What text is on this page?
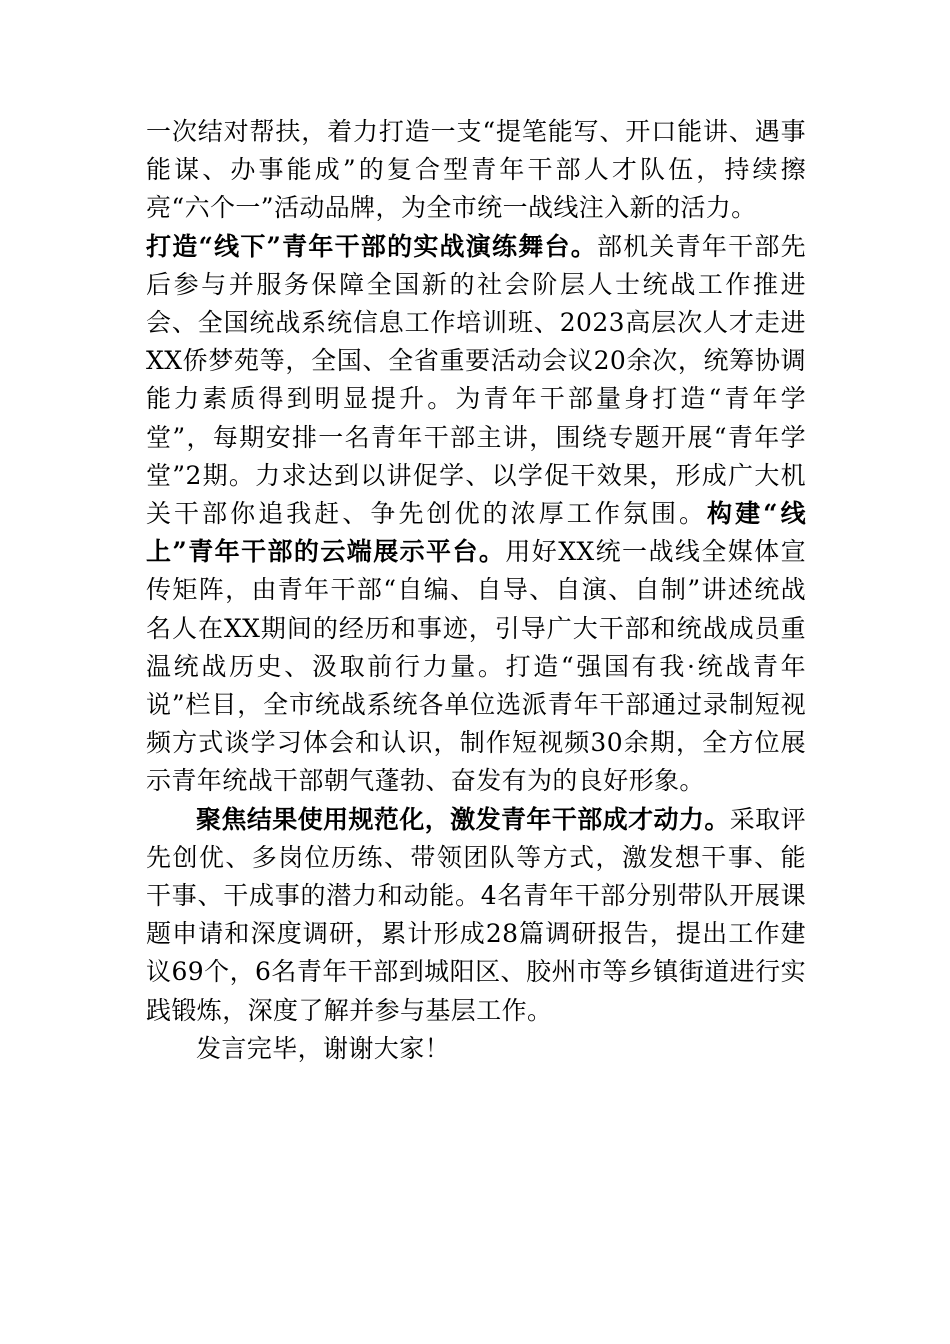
一次结对帮扶，着力打造一支“提笔能写、开口能讲、遇事能谋、办事能成”的复合型青年干部人才队伍，持续擦亮“六个一”活动品牌，为全市统一战线注入新的活力。

打造“线下”青年干部的实战演练舞台。部机关青年干部先后参与并服务保障全国新的社会阶层人士统战工作推进会、全国统战系统信息工作培训班、2023高层次人才走进XX侨梦苑等，全国、全省重要活动会议20余次，统筹协调能力素质得到明显提升。为青年干部量身打造“青年学堂”，每期安排一名青年干部主讲，围绕专题开展“青年学堂”2期。力求达到以讲促学、以学促干效果，形成广大机关干部你追我赶、争先创优的浓厚工作氛围。构建“线上”青年干部的云端展示平台。用好XX统一战线全媒体宣传矩阵，由青年干部“自编、自导、自演、自制”讲述统战名人在XX期间的经历和事迹，引导广大干部和统战成员重温统战历史、汲取前行力量。打造“强国有我·统战青年说”栏目，全市统战系统各单位选派青年干部通过录制短视频方式谈学习体会和认识，制作短视频30余期，全方位展示青年统战干部朝气蓬勃、奋发有为的良好形象。

聚焦结果使用规范化，激发青年干部成才动力。采取评先创优、多岗位历练、带领团队等方式，激发想干事、能干事、干成事的潜力和动能。4名青年干部分别带队开展课题申请和深度调研，累计形成28篇调研报告，提出工作建议69个，6名青年干部到城阳区、胶州市等乡镇街道进行实践锻炼，深度了解并参与基层工作。

发言完毕，谢谢大家！
